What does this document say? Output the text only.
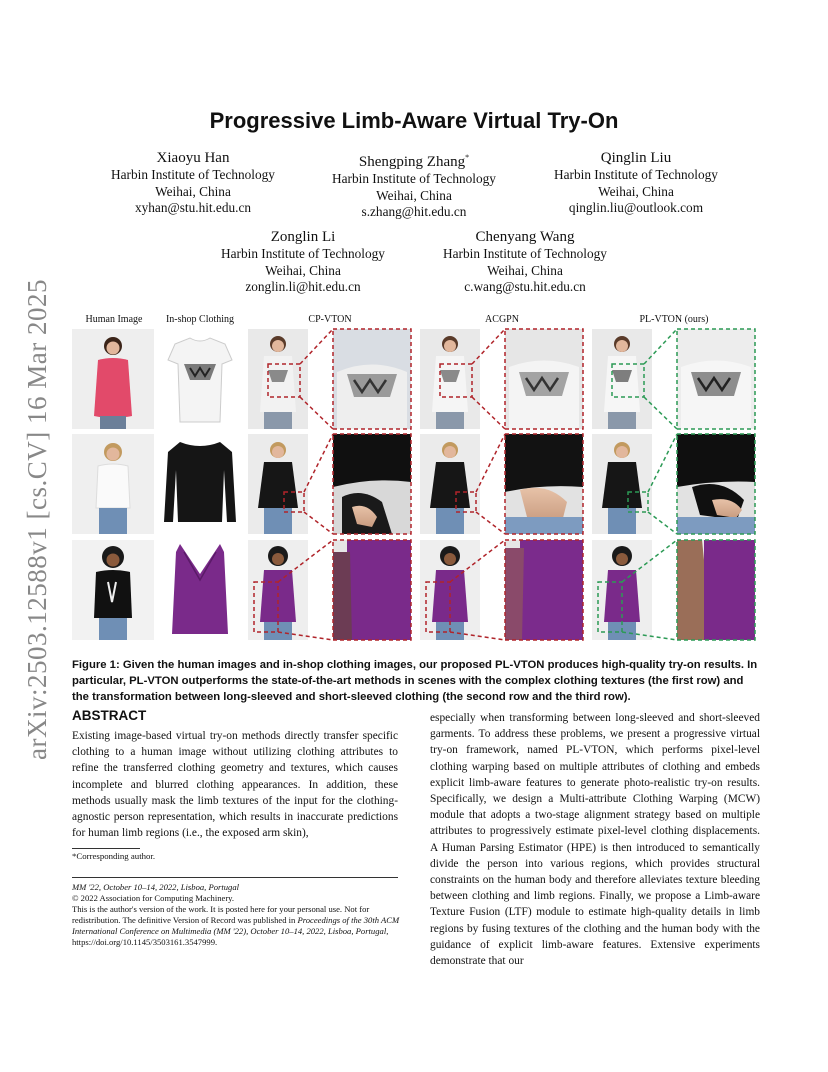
arXiv:2503.12588v1 [cs.CV] 16 Mar 2025
Progressive Limb-Aware Virtual Try-On
Xiaoyu Han
Harbin Institute of Technology
Weihai, China
xyhan@stu.hit.edu.cn
Shengping Zhang*
Harbin Institute of Technology
Weihai, China
s.zhang@hit.edu.cn
Qinglin Liu
Harbin Institute of Technology
Weihai, China
qinglin.liu@outlook.com
Zonglin Li
Harbin Institute of Technology
Weihai, China
zonglin.li@hit.edu.cn
Chenyang Wang
Harbin Institute of Technology
Weihai, China
c.wang@stu.hit.edu.cn
Human Image	In-shop Clothing	CP-VTON	ACGPN	PL-VTON (ours)
Figure 1: Given the human images and in-shop clothing images, our proposed PL-VTON produces high-quality try-on results. In particular, PL-VTON outperforms the state-of-the-art methods in scenes with the complex clothing textures (the first row) and the transformation between long-sleeved and short-sleeved clothing (the second row and the third row).
ABSTRACT
Existing image-based virtual try-on methods directly transfer specific clothing to a human image without utilizing clothing attributes to refine the transferred clothing geometry and textures, which causes incomplete and blurred clothing appearances. In addition, these methods usually mask the limb textures of the input for the clothing-agnostic person representation, which results in inaccurate predictions for human limb regions (i.e., the exposed arm skin),
especially when transforming between long-sleeved and short-sleeved garments. To address these problems, we present a progressive virtual try-on framework, named PL-VTON, which performs pixel-level clothing warping based on multiple attributes of clothing and embeds explicit limb-aware features to generate photo-realistic try-on results. Specifically, we design a Multi-attribute Clothing Warping (MCW) module that adopts a two-stage alignment strategy based on multiple attributes to progressively estimate pixel-level clothing displacements. A Human Parsing Estimator (HPE) is then introduced to semantically divide the person into various regions, which provides structural constraints on the human body and therefore alleviates texture bleeding between clothing and limb regions. Finally, we propose a Limb-aware Texture Fusion (LTF) module to estimate high-quality details in limb regions by fusing textures of the clothing and the human body with the guidance of explicit limb-aware features. Extensive experiments demonstrate that our
*Corresponding author.
MM '22, October 10–14, 2022, Lisboa, Portugal
© 2022 Association for Computing Machinery.
This is the author's version of the work. It is posted here for your personal use. Not for redistribution. The definitive Version of Record was published in Proceedings of the 30th ACM International Conference on Multimedia (MM '22), October 10–14, 2022, Lisboa, Portugal, https://doi.org/10.1145/3503161.3547999.
